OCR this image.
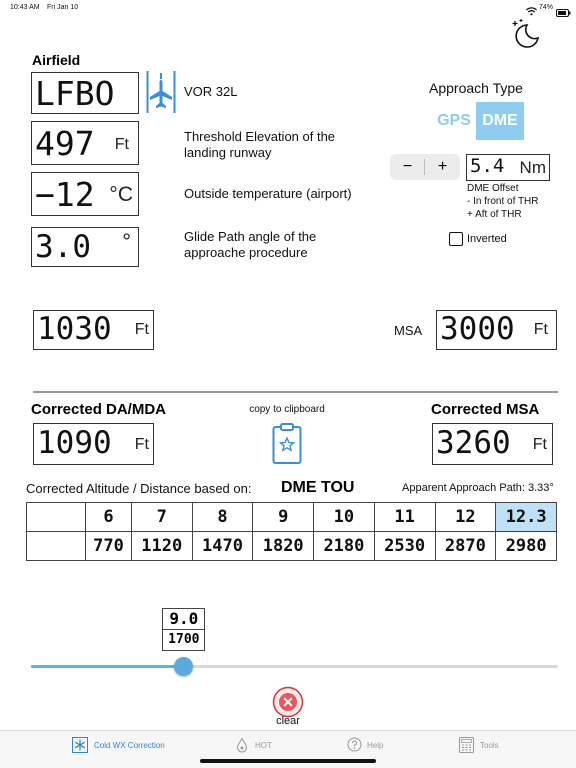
10:43 AM Fri Jan 10	74%
Airfield
LFBO	VOR 32L
497 Ft	Threshold Elevation of the landing runway
−12 °C	Outside temperature (airport)
3.0 °	Glide Path angle of the approache procedure
Approach Type
GPS DME
−	+	5.4 Nm
DME Offset
- In front of THR
+ Aft of THR
Inverted
1030 Ft	MSA 3000 Ft
Corrected DA/MDA
1090 Ft
copy to clipboard	Corrected MSA
3260 Ft
Corrected Altitude / Distance based on: DME TOU	Apparent Approach Path: 3.33°
	6	7	8	9	10	11	12	12.3
	770	1120	1470	1820	2180	2530	2870	2980
9.0
1700
clear
Cold WX Correction	HOT	Help	Tools
